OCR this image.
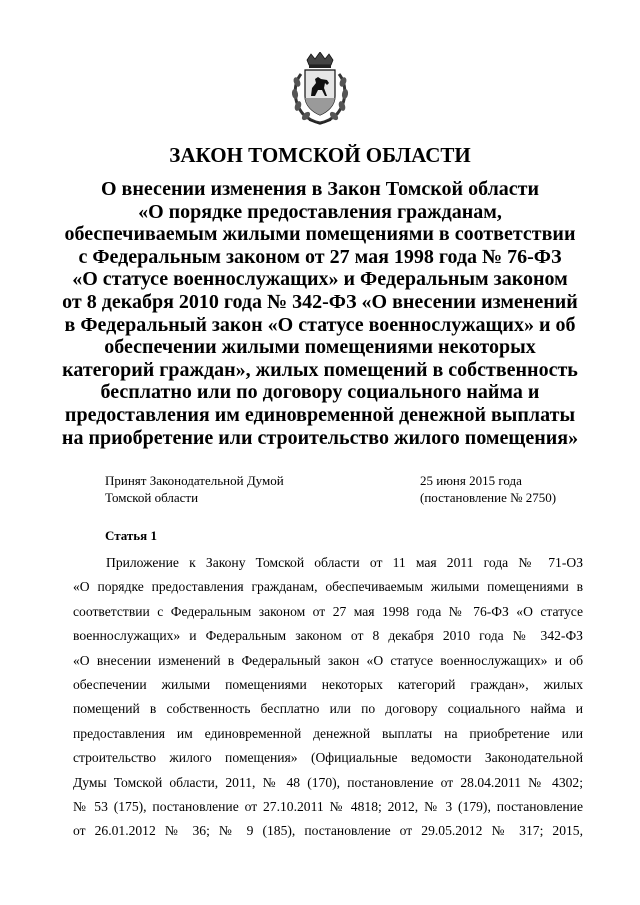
ЗАКОН ТОМСКОЙ ОБЛАСТИ
О внесении изменения в Закон Томской области
«О порядке предоставления гражданам,
обеспечиваемым жилыми помещениями в соответствии
с Федеральным законом от 27 мая 1998 года № 76-ФЗ
«О статусе военнослужащих» и Федеральным законом
от 8 декабря 2010 года № 342-ФЗ «О внесении изменений
в Федеральный закон «О статусе военнослужащих» и об
обеспечении жилыми помещениями некоторых
категорий граждан», жилых помещений в собственность
бесплатно или по договору социального найма и
предоставления им единовременной денежной выплаты
на приобретение или строительство жилого помещения»
Принят Законодательной Думой
Томской области
25 июня 2015 года
(постановление № 2750)
Статья 1
Приложение к Закону Томской области от 11 мая 2011 года № 71-ОЗ
«О порядке предоставления гражданам, обеспечиваемым жилыми помещениями в
соответствии с Федеральным законом от 27 мая 1998 года № 76-ФЗ «О статусе
военнослужащих» и Федеральным законом от 8 декабря 2010 года № 342-ФЗ
«О внесении изменений в Федеральный закон «О статусе военнослужащих» и об
обеспечении жилыми помещениями некоторых категорий граждан», жилых
помещений в собственность бесплатно или по договору социального найма и
предоставления им единовременной денежной выплаты на приобретение или
строительство жилого помещения» (Официальные ведомости Законодательной
Думы Томской области, 2011, № 48 (170), постановление от 28.04.2011 № 4302;
№ 53 (175), постановление от 27.10.2011 № 4818; 2012, № 3 (179), постановление
от 26.01.2012 № 36; № 9 (185), постановление от 29.05.2012 № 317; 2015,
